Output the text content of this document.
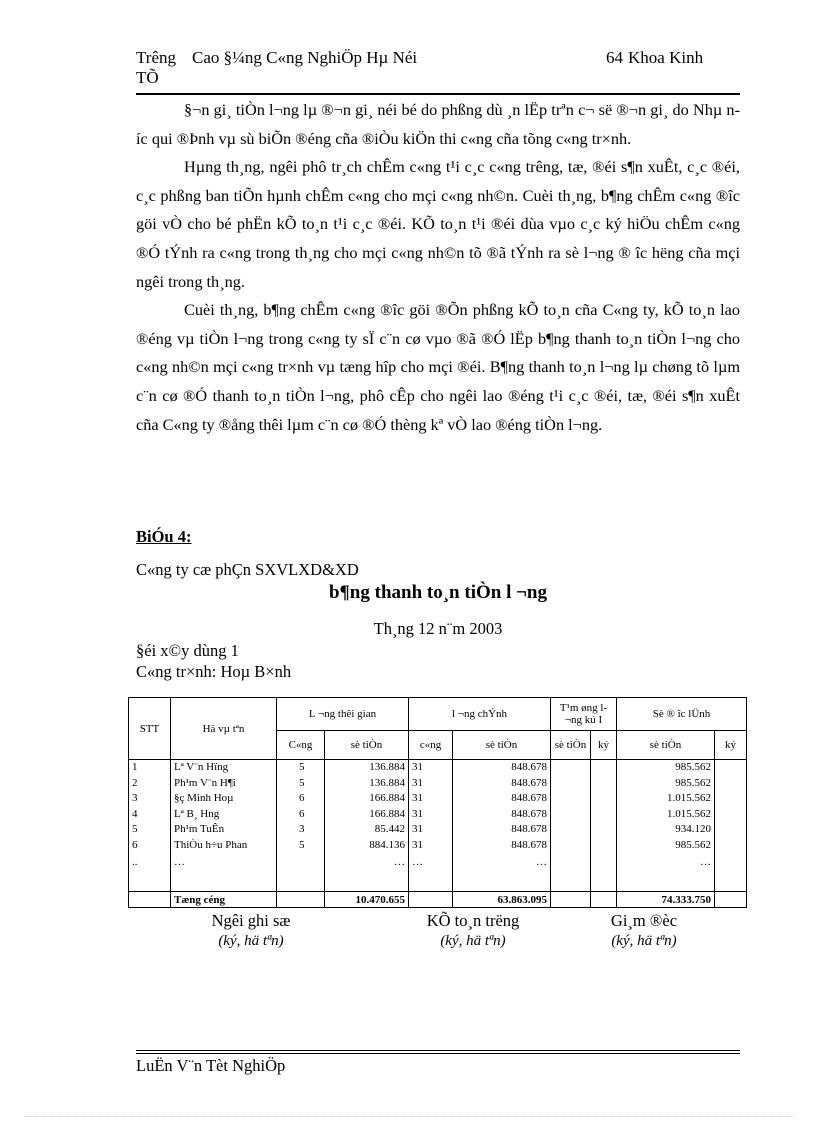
Trêng TÕ
Cao §¼ng C«ng NghiÖp Hµ Néi	64 Khoa Kinh

§¬n gi¸ tiÒn l¬ng lµ ®¬n gi¸ néi bé do phßng dù ¸n lËp trªn c¬ së ®¬n gi¸ do Nhµ níc qui ®Þnh vµ sù biÕn ®éng cña ®iÒu kiÖn thi c«ng cña tõng c«ng tr×nh.

Hµng th¸ng, ngêi phô tr¸ch chÊm c«ng t¹i c¸c c«ng trêng, tæ, ®éi s¶n xuÊt, c¸c ®éi, c¸c phßng ban tiÕn hµnh chÊm c«ng cho mçi c«ng nh©n. Cuèi th¸ng, b¶ng chÊm c«ng ®îc göi vÒ cho bé phËn kÕ to¸n t¹i c¸c ®éi. KÕ to¸n t¹i ®éi dùa vµo c¸c ký hiÖu chÊm c«ng ®Ó tÝnh ra c«ng trong th¸ng cho mçi c«ng nh©n tõ ®ã tÝnh ra sè l¬ng ® îc hëng cña mçi ngêi trong th¸ng.

Cuèi th¸ng, b¶ng chÊm c«ng ®îc göi ®Õn phßng kÕ to¸n cña C«ng ty, kÕ to¸n lao ®éng vµ tiÒn l¬ng trong c«ng ty sÏ c¨n cø vµo ®ã ®Ó lËp b¶ng thanh to¸n tiÒn l¬ng cho c«ng nh©n mçi c«ng tr×nh vµ tæng hîp cho mçi ®éi. B¶ng thanh to¸n l¬ng lµ chøng tõ lµm c¨n cø ®Ó thanh to¸n tiÒn l¬ng, phô cÊp cho ngêi lao ®éng t¹i c¸c ®éi, tæ, ®éi s¶n xuÊt cña C«ng ty ®ång thêi lµm c¨n cø ®Ó thèng kª vÒ lao ®éng tiÒn l¬ng.

BiÓu 4:
C«ng ty cæ phÇn SXVLXD&XD
b¶ng thanh to¸n tiÒn l ¬ng
Th¸ng 12 n¨m 2003
§éi x©y dùng 1
C«ng tr×nh: Hoµ B×nh
STT	Hä vµ tªn	L ¬ng thêi gian		l ¬ng chÝnh		T¹m øng l¬ng kú I		Sè ® îc lÜnh	
		C«ng	sè tiÒn	c«ng	sè tiÒn	sè tiÒn	ký	sè tiÒn	ký
1	Lª V¨n Hïng	5	136.884	31	848.678			985.562	
2	Ph¹m V¨n H¶i	5	136.884	31	848.678			985.562	
3	§ç Minh Hoµ	6	166.884	31	848.678			1.015.562	
4	Lª B¸ Hng	6	166.884	31	848.678			1.015.562	
5	Ph¹m TuÊn	3	85.442	31	848.678			934.120	
6	ThiÒu h÷u Phan	5	884.136	31	848.678			985.562	
..	…		…	…	…			…	

	Tæng céng		10.470.655		63.863.095			74.333.750	
Ngêi ghi sæ
(ký, hä tªn)
KÕ to¸n trëng
(ký, hä tªn)
Gi¸m ®èc
(ký, hä tªn)
LuËn V¨n Tèt NghiÖp
